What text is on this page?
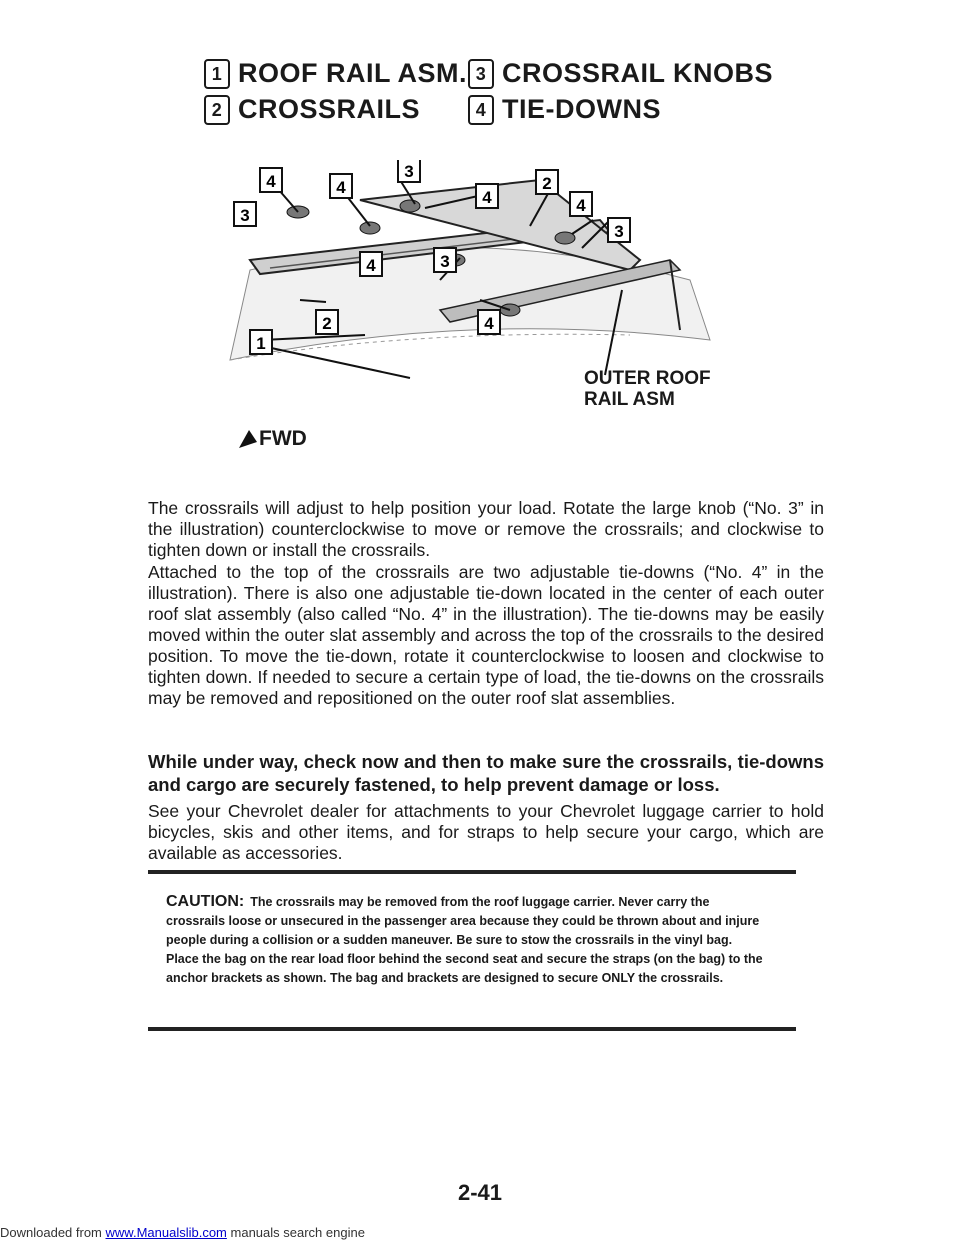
1 ROOF RAIL ASM.
2 CROSSRAILS
3 CROSSRAIL KNOBS
4 TIE-DOWNS
4	4
3
4
2
4
3
3
4	3
2
1
4
OUTER ROOF
RAIL ASM
FWD

The crossrails will adjust to help position your load. Rotate the large knob (“No. 3” in the illustration) counterclockwise to move or remove the crossrails; and clockwise to tighten down or install the crossrails.

Attached to the top of the crossrails are two adjustable tie-downs (“No. 4” in the illustration). There is also one adjustable tie-down located in the center of each outer roof slat assembly (also called “No. 4” in the illustration). The tie-downs may be easily moved within the outer slat assembly and across the top of the crossrails to the desired position. To move the tie-down, rotate it counterclockwise to loosen and clockwise to tighten down. If needed to secure a certain type of load, the tie-downs on the crossrails may be removed and repositioned on the outer roof slat assemblies.

While under way, check now and then to make sure the crossrails, tie-downs and cargo are securely fastened, to help prevent damage or loss.

See your Chevrolet dealer for attachments to your Chevrolet luggage carrier to hold bicycles, skis and other items, and for straps to help secure your cargo, which are available as accessories.

CAUTION: The crossrails may be removed from the roof luggage carrier. Never carry the crossrails loose or unsecured in the passenger area because they could be thrown about and injure people during a collision or a sudden maneuver. Be sure to stow the crossrails in the vinyl bag. Place the bag on the rear load floor behind the second seat and secure the straps (on the bag) to the anchor brackets as shown. The bag and brackets are designed to secure ONLY the crossrails.
2-41
Downloaded from www.Manualslib.com manuals search engine
